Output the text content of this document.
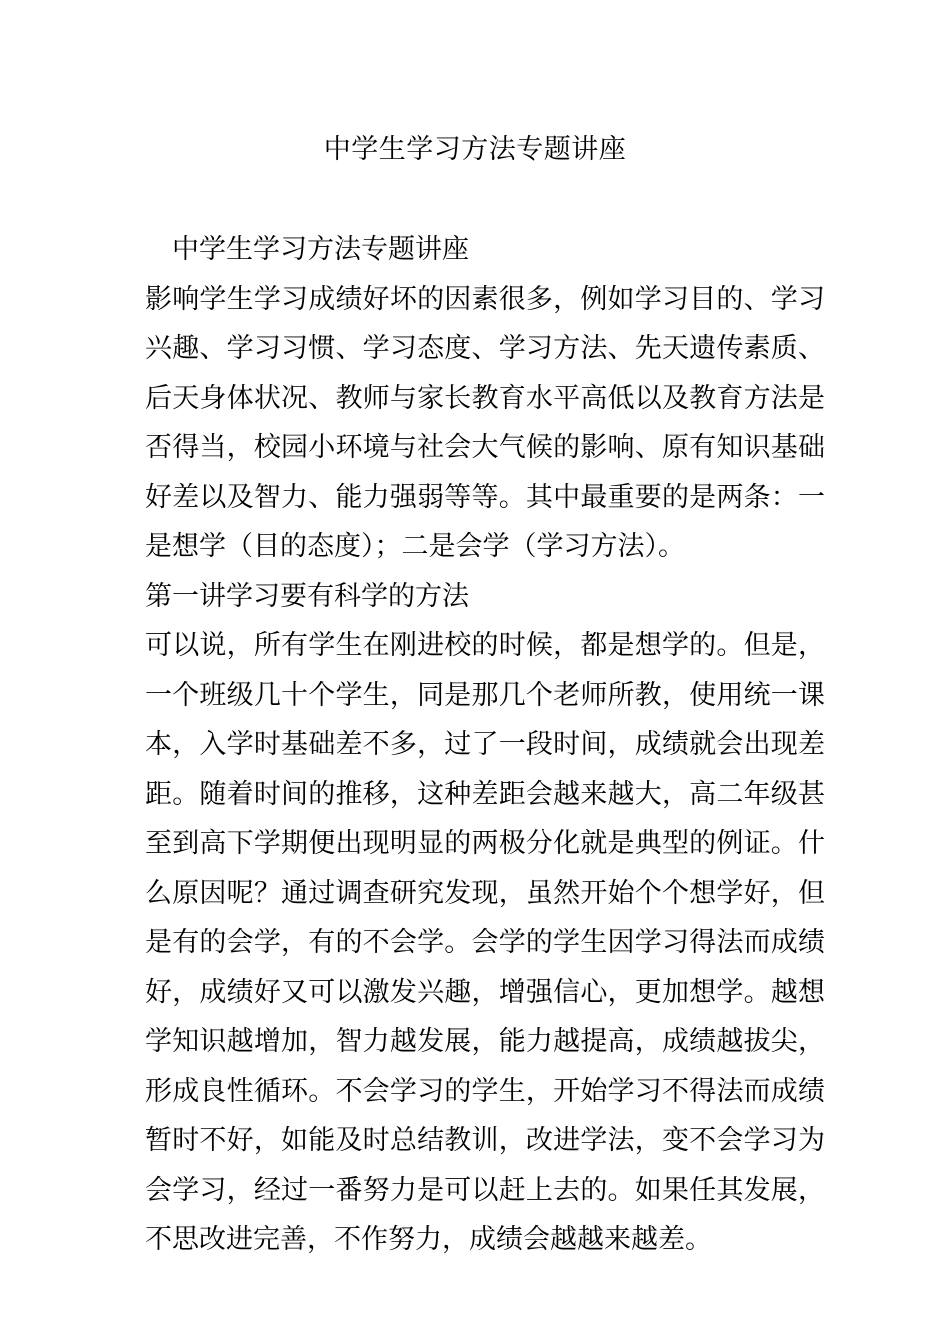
中学生学习方法专题讲座

中学生学习方法专题讲座

影响学生学习成绩好坏的因素很多，例如学习目的、学习兴趣、学习习惯、学习态度、学习方法、先天遗传素质、后天身体状况、教师与家长教育水平高低以及教育方法是否得当，校园小环境与社会大气候的影响、原有知识基础好差以及智力、能力强弱等等。其中最重要的是两条：一是想学（目的态度）；二是会学（学习方法）。

第一讲学习要有科学的方法

可以说，所有学生在刚进校的时候，都是想学的。但是，一个班级几十个学生，同是那几个老师所教，使用统一课本，入学时基础差不多，过了一段时间，成绩就会出现差距。随着时间的推移，这种差距会越来越大，高二年级甚至到高下学期便出现明显的两极分化就是典型的例证。什么原因呢？通过调查研究发现，虽然开始个个想学好，但是有的会学，有的不会学。会学的学生因学习得法而成绩好，成绩好又可以激发兴趣，增强信心，更加想学。越想学知识越增加，智力越发展，能力越提高，成绩越拔尖，形成良性循环。不会学习的学生，开始学习不得法而成绩暂时不好，如能及时总结教训，改进学法，变不会学习为会学习，经过一番努力是可以赶上去的。如果任其发展，不思改进完善，不作努力，成绩会越越来越差。
